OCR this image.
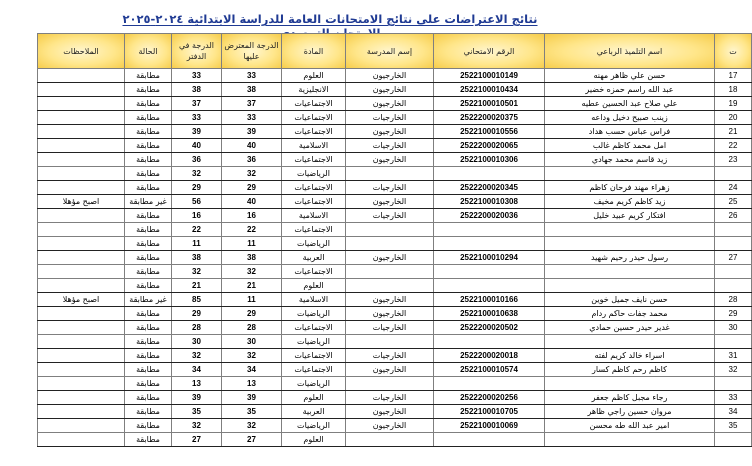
نتائج الاعتراضات على نتائج الامتحانات العامة للدراسة الابتدائية ٢٠٢٤-٢٠٢٥
ت	اسم التلميذ الرباعي	الرقم الامتحاني	إسم المدرسة	المادة	الدرجة المعترض عليها	الدرجة في الدفتر	الحالة	الملاحظات
17	حسن علي ظاهر مهنه	2522100010149	الخارجيون	العلوم	33	33	مطابقة	
18	عبد الله راسم حمزه خضير	2522100010434	الخارجيون	الانجليزية	38	38	مطابقة	
19	علي صلاح عبد الحسين عطيه	2522100010501	الخارجيون	الاجتماعيات	37	37	مطابقة	
20	زينب صبيح دخيل وداعه	2522200020375	الخارجيات	الاجتماعيات	33	33	مطابقة	
21	فراس عباس حسب هداد	2522100010556	الخارجيون	الاجتماعيات	39	39	مطابقة	
22	امل محمد كاظم غالب	2522200020065	الخارجيات	الاسلامية	40	40	مطابقة	
23	زيد قاسم محمد جهادي	2522100010306	الخارجيون	الاجتماعيات	36	36	مطابقة	
				الرياضيات	32	32	مطابقة	
24	زهراء مهند فرحان كاظم	2522200020345	الخارجيات	الاجتماعيات	29	29	مطابقة	
25	زيد كاظم كريم مخيف	2522100010308	الخارجيون	الاجتماعيات	40	56	غير مطابقة	اصبح مؤهلا
26	افتكار كريم عبيد خليل	2522200020036	الخارجيات	الاسلامية	16	16	مطابقة	
				الاجتماعيات	22	22	مطابقة	
				الرياضيات	11	11	مطابقة	
27	رسول حيدر رحيم شهيد	2522100010294	الخارجيون	العربية	38	38	مطابقة	
				الاجتماعيات	32	32	مطابقة	
				العلوم	21	21	مطابقة	
28	حسن نايف جميل خوين	2522100010166	الخارجيون	الاسلامية	11	85	غير مطابقة	اصبح مؤهلا
29	محمد جفات حاكم ردام	2522100010638	الخارجيون	الرياضيات	29	29	مطابقة	
30	غدير حيدر حسين حمادي	2522200020502	الخارجيات	الاجتماعيات	28	28	مطابقة	
				الرياضيات	30	30	مطابقة	
31	اسراء خالد كريم لفته	2522200020018	الخارجيات	الاجتماعيات	32	32	مطابقة	
32	كاظم رحم كاظم كسار	2522100010574	الخارجيون	الاجتماعيات	34	34	مطابقة	
				الرياضيات	13	13	مطابقة	
33	رجاء مجبل كاظم جعفر	2522200020256	الخارجيات	العلوم	39	39	مطابقة	
34	مروان حسين راجي ظاهر	2522100010705	الخارجيون	العربية	35	35	مطابقة	
35	امير عبد الله طه محسن	2522100010069	الخارجيون	الرياضيات	32	32	مطابقة	
				العلوم	27	27	مطابقة	
